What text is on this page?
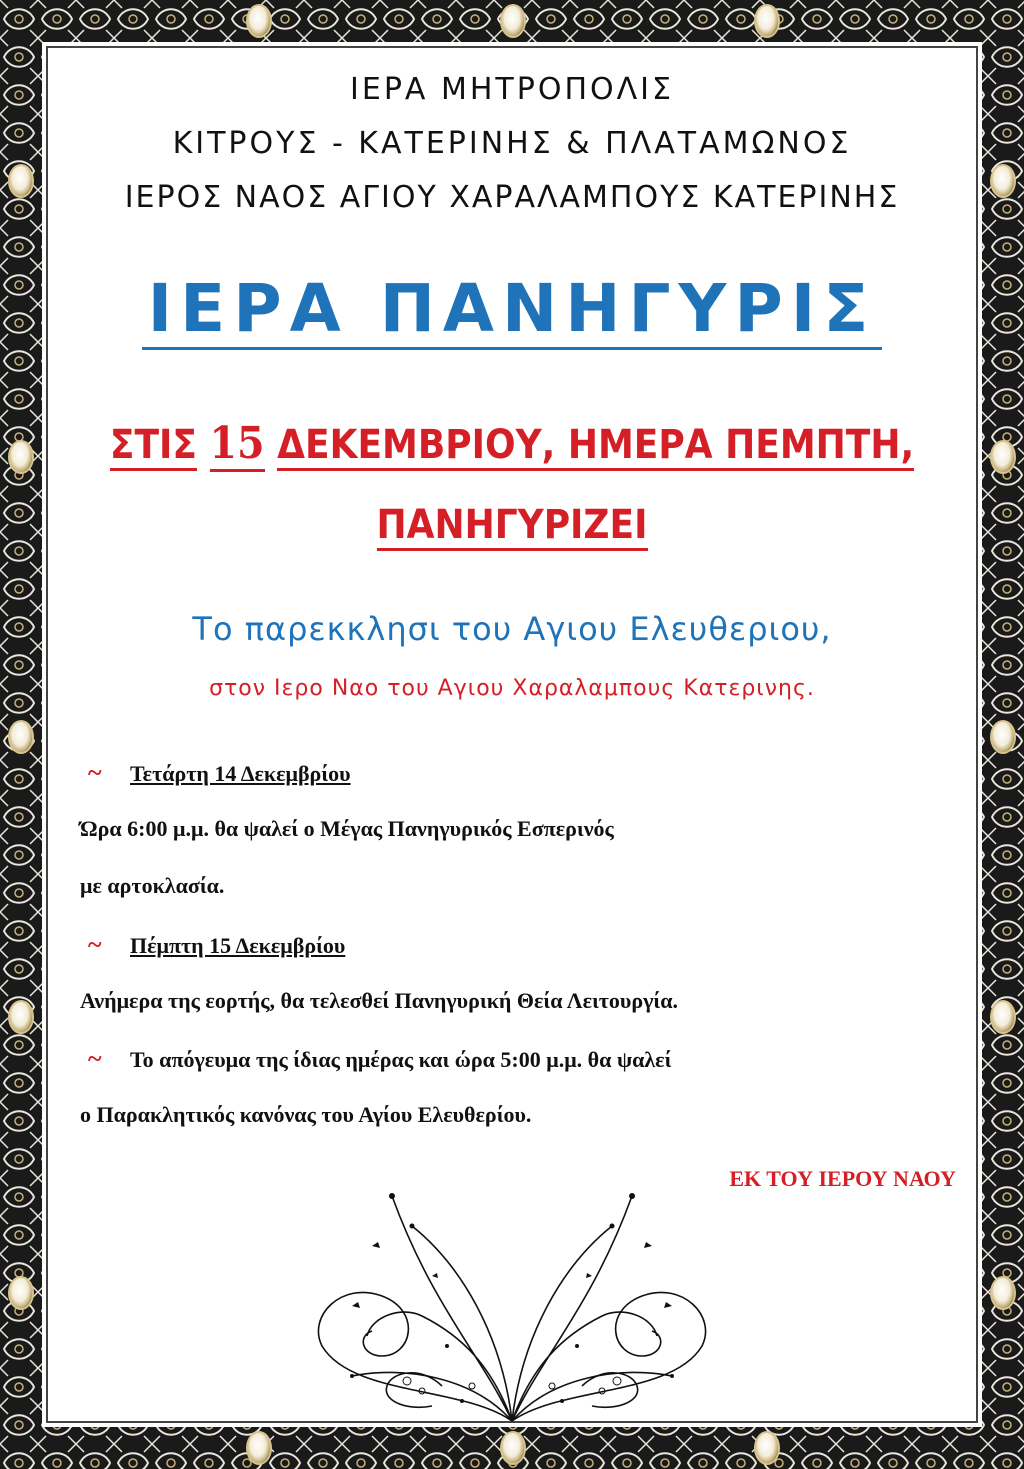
ΙΕΡΑ ΜΗΤΡΟΠΟΛΙΣ
ΚΙΤΡΟΥΣ - ΚΑΤΕΡΙΝΗΣ & ΠΛΑΤΑΜΩΝΟΣ
ΙΕΡΟΣ ΝΑΟΣ ΑΓΙΟΥ ΧΑΡΑΛΑΜΠΟΥΣ ΚΑΤΕΡΙΝΗΣ
ΙΕΡΑ ΠΑΝΗΓΥΡΙΣ
ΣΤΙΣ 15 ΔΕΚΕΜΒΡΙΟΥ, ΗΜΕΡΑ ΠΕΜΠΤΗ,
ΠΑΝΗΓΥΡΙΖΕΙ
Το παρεκκλησι του Αγιου Ελευθεριου,
στον Ιερο Ναο του Αγιου Χαραλαμπους Κατερινης.
~ Τετάρτη 14 Δεκεμβρίου
Ώρα 6:00 μ.μ. θα ψαλεί ο Μέγας Πανηγυρικός Εσπερινός
με αρτοκλασία.
~ Πέμπτη 15 Δεκεμβρίου
Ανήμερα της εορτής, θα τελεσθεί Πανηγυρική Θεία Λειτουργία.
~ Το απόγευμα της ίδιας ημέρας και ώρα 5:00 μ.μ. θα ψαλεί
ο Παρακλητικός κανόνας του Αγίου Ελευθερίου.
ΕΚ ΤΟΥ ΙΕΡΟΥ ΝΑΟΥ
